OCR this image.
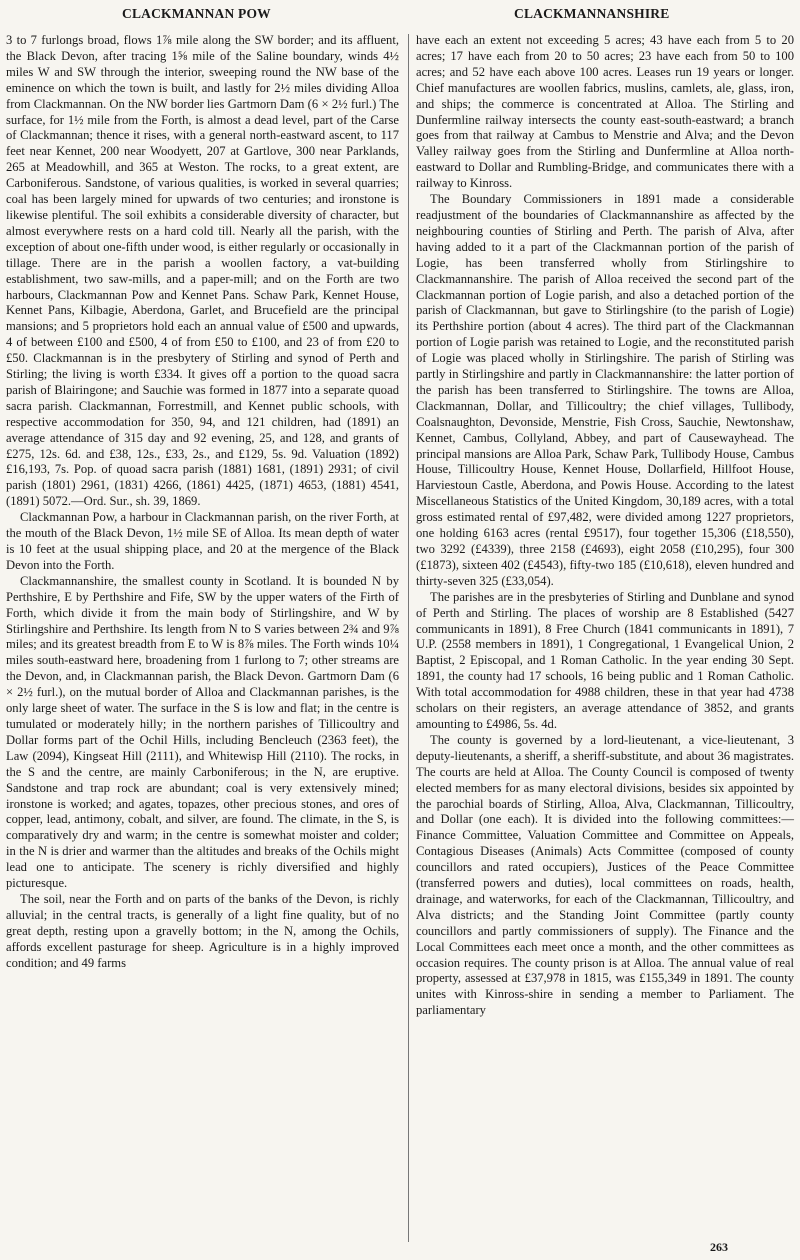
CLACKMANNAN POW	CLACKMANNANSHIRE

3 to 7 furlongs broad, flows 1⅞ mile along the SW border; and its affluent, the Black Devon, after tracing 1⅝ mile of the Saline boundary, winds 4½ miles W and SW through the interior, sweeping round the NW base of the eminence on which the town is built, and lastly for 2½ miles dividing Alloa from Clackmannan. On the NW border lies Gartmorn Dam (6 × 2½ furl.) The surface, for 1½ mile from the Forth, is almost a dead level, part of the Carse of Clackmannan; thence it rises, with a general north-eastward ascent, to 117 feet near Kennet, 200 near Woodyett, 207 at Gartlove, 300 near Parklands, 265 at Meadowhill, and 365 at Weston. The rocks, to a great extent, are Carboniferous. Sandstone, of various qualities, is worked in several quarries; coal has been largely mined for upwards of two centuries; and ironstone is likewise plentiful. The soil exhibits a considerable diversity of character, but almost everywhere rests on a hard cold till. Nearly all the parish, with the exception of about one-fifth under wood, is either regularly or occasionally in tillage. There are in the parish a woollen factory, a vat-building establishment, two saw-mills, and a paper-mill; and on the Forth are two harbours, Clackmannan Pow and Kennet Pans. Schaw Park, Kennet House, Kennet Pans, Kilbagie, Aberdona, Garlet, and Brucefield are the principal mansions; and 5 proprietors hold each an annual value of £500 and upwards, 4 of between £100 and £500, 4 of from £50 to £100, and 23 of from £20 to £50. Clackmannan is in the presbytery of Stirling and synod of Perth and Stirling; the living is worth £334. It gives off a portion to the quoad sacra parish of Blairingone; and Sauchie was formed in 1877 into a separate quoad sacra parish. Clackmannan, Forrestmill, and Kennet public schools, with respective accommodation for 350, 94, and 121 children, had (1891) an average attendance of 315 day and 92 evening, 25, and 128, and grants of £275, 12s. 6d. and £38, 12s., £33, 2s., and £129, 5s. 9d. Valuation (1892) £16,193, 7s. Pop. of quoad sacra parish (1881) 1681, (1891) 2931; of civil parish (1801) 2961, (1831) 4266, (1861) 4425, (1871) 4653, (1881) 4541, (1891) 5072.—Ord. Sur., sh. 39, 1869.

Clackmannan Pow, a harbour in Clackmannan parish, on the river Forth, at the mouth of the Black Devon, 1½ mile SE of Alloa. Its mean depth of water is 10 feet at the usual shipping place, and 20 at the mergence of the Black Devon into the Forth.

Clackmannanshire, the smallest county in Scotland. It is bounded N by Perthshire, E by Perthshire and Fife, SW by the upper waters of the Firth of Forth, which divide it from the main body of Stirlingshire, and W by Stirlingshire and Perthshire. Its length from N to S varies between 2¾ and 9⅞ miles; and its greatest breadth from E to W is 8⅞ miles. The Forth winds 10¼ miles south-eastward here, broadening from 1 furlong to 7; other streams are the Devon, and, in Clackmannan parish, the Black Devon. Gartmorn Dam (6 × 2½ furl.), on the mutual border of Alloa and Clackmannan parishes, is the only large sheet of water. The surface in the S is low and flat; in the centre is tumulated or moderately hilly; in the northern parishes of Tillicoultry and Dollar forms part of the Ochil Hills, including Bencleuch (2363 feet), the Law (2094), Kingseat Hill (2111), and Whitewisp Hill (2110). The rocks, in the S and the centre, are mainly Carboniferous; in the N, are eruptive. Sandstone and trap rock are abundant; coal is very extensively mined; ironstone is worked; and agates, topazes, other precious stones, and ores of copper, lead, antimony, cobalt, and silver, are found. The climate, in the S, is comparatively dry and warm; in the centre is somewhat moister and colder; in the N is drier and warmer than the altitudes and breaks of the Ochils might lead one to anticipate. The scenery is richly diversified and highly picturesque.

The soil, near the Forth and on parts of the banks of the Devon, is richly alluvial; in the central tracts, is generally of a light fine quality, but of no great depth, resting upon a gravelly bottom; in the N, among the Ochils, affords excellent pasturage for sheep. Agriculture is in a highly improved condition; and 49 farms

have each an extent not exceeding 5 acres; 43 have each from 5 to 20 acres; 17 have each from 20 to 50 acres; 23 have each from 50 to 100 acres; and 52 have each above 100 acres. Leases run 19 years or longer. Chief manufactures are woollen fabrics, muslins, camlets, ale, glass, iron, and ships; the commerce is concentrated at Alloa. The Stirling and Dunfermline railway intersects the county east-south-eastward; a branch goes from that railway at Cambus to Menstrie and Alva; and the Devon Valley railway goes from the Stirling and Dunfermline at Alloa north-eastward to Dollar and Rumbling-Bridge, and communicates there with a railway to Kinross.

The Boundary Commissioners in 1891 made a considerable readjustment of the boundaries of Clackmannanshire as affected by the neighbouring counties of Stirling and Perth. The parish of Alva, after having added to it a part of the Clackmannan portion of the parish of Logie, has been transferred wholly from Stirlingshire to Clackmannanshire. The parish of Alloa received the second part of the Clackmannan portion of Logie parish, and also a detached portion of the parish of Clackmannan, but gave to Stirlingshire (to the parish of Logie) its Perthshire portion (about 4 acres). The third part of the Clackmannan portion of Logie parish was retained to Logie, and the reconstituted parish of Logie was placed wholly in Stirlingshire. The parish of Stirling was partly in Stirlingshire and partly in Clackmannanshire: the latter portion of the parish has been transferred to Stirlingshire. The towns are Alloa, Clackmannan, Dollar, and Tillicoultry; the chief villages, Tullibody, Coalsnaughton, Devonside, Menstrie, Fish Cross, Sauchie, Newtonshaw, Kennet, Cambus, Collyland, Abbey, and part of Causewayhead. The principal mansions are Alloa Park, Schaw Park, Tullibody House, Cambus House, Tillicoultry House, Kennet House, Dollarfield, Hillfoot House, Harviestoun Castle, Aberdona, and Powis House. According to the latest Miscellaneous Statistics of the United Kingdom, 30,189 acres, with a total gross estimated rental of £97,482, were divided among 1227 proprietors, one holding 6163 acres (rental £9517), four together 15,306 (£18,550), two 3292 (£4339), three 2158 (£4693), eight 2058 (£10,295), four 300 (£1873), sixteen 402 (£4543), fifty-two 185 (£10,618), eleven hundred and thirty-seven 325 (£33,054).

The parishes are in the presbyteries of Stirling and Dunblane and synod of Perth and Stirling. The places of worship are 8 Established (5427 communicants in 1891), 8 Free Church (1841 communicants in 1891), 7 U.P. (2558 members in 1891), 1 Congregational, 1 Evangelical Union, 2 Baptist, 2 Episcopal, and 1 Roman Catholic. In the year ending 30 Sept. 1891, the county had 17 schools, 16 being public and 1 Roman Catholic. With total accommodation for 4988 children, these in that year had 4738 scholars on their registers, an average attendance of 3852, and grants amounting to £4986, 5s. 4d.

The county is governed by a lord-lieutenant, a vice-lieutenant, 3 deputy-lieutenants, a sheriff, a sheriff-substitute, and about 36 magistrates. The courts are held at Alloa. The County Council is composed of twenty elected members for as many electoral divisions, besides six appointed by the parochial boards of Stirling, Alloa, Alva, Clackmannan, Tillicoultry, and Dollar (one each). It is divided into the following committees:—Finance Committee, Valuation Committee and Committee on Appeals, Contagious Diseases (Animals) Acts Committee (composed of county councillors and rated occupiers), Justices of the Peace Committee (transferred powers and duties), local committees on roads, health, drainage, and waterworks, for each of the Clackmannan, Tillicoultry, and Alva districts; and the Standing Joint Committee (partly county councillors and partly commissioners of supply). The Finance and the Local Committees each meet once a month, and the other committees as occasion requires. The county prison is at Alloa. The annual value of real property, assessed at £37,978 in 1815, was £155,349 in 1891. The county unites with Kinross-shire in sending a member to Parliament. The parliamentary

263
